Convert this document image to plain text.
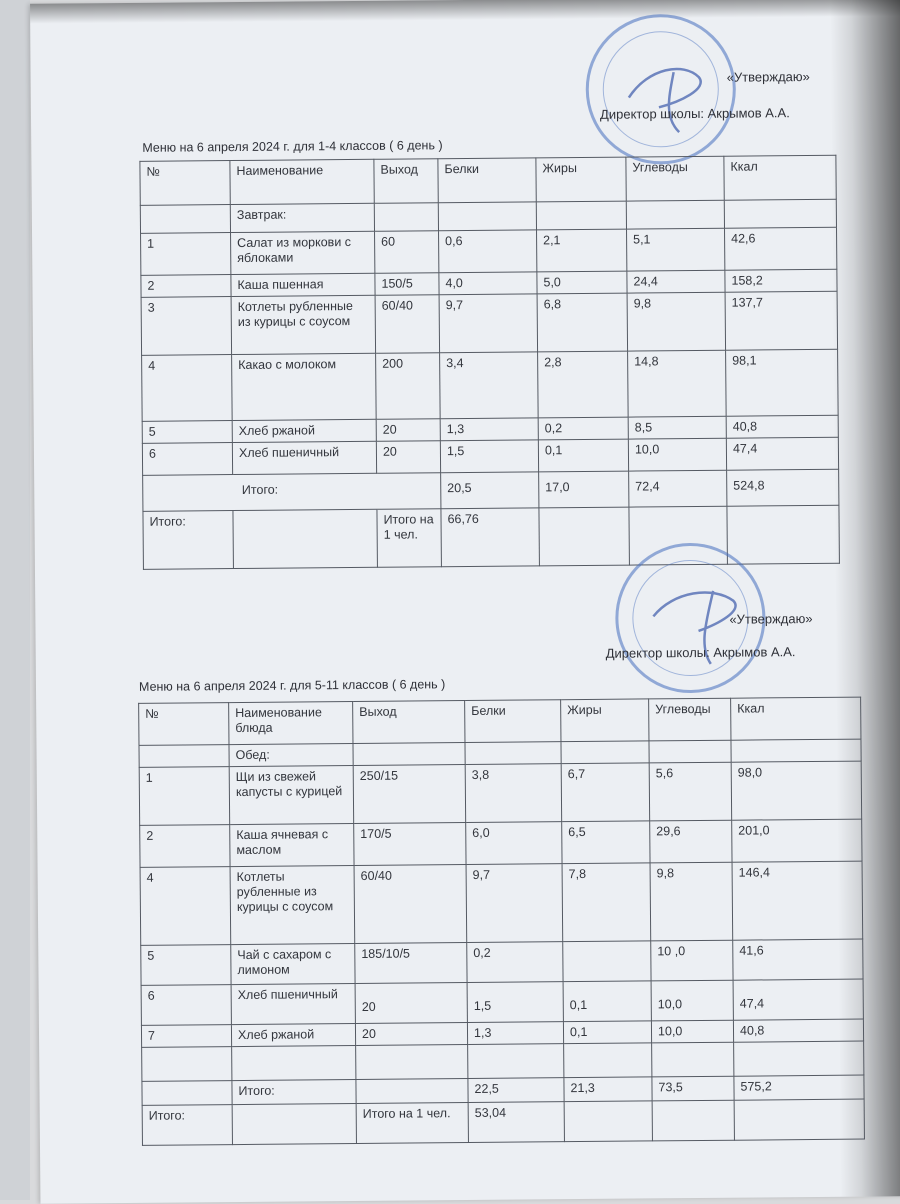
«Утверждаю»
Директор школы: Акрымов А.А.
Меню на 6 апреля 2024 г. для 1-4 классов ( 6 день )
№	Наименование	Выход	Белки	Жиры	Углеводы	Ккал
	Завтрак:					
1	Салат из моркови с яблоками	60	0,6	2,1	5,1	42,6
2	Каша пшенная	150/5	4,0	5,0	24,4	158,2
3	Котлеты рубленные из курицы с соусом	60/40	9,7	6,8	9,8	137,7
4	Какао с молоком	200	3,4	2,8	14,8	98,1
5	Хлеб ржаной	20	1,3	0,2	8,5	40,8
6	Хлеб пшеничный	20	1,5	0,1	10,0	47,4
Итого:			20,5	17,0	72,4	524,8
Итого:		Итого на 1 чел.	66,76			
«Утверждаю»
Директор школы: Акрымов А.А.
Меню на 6 апреля 2024 г. для 5-11 классов ( 6 день )
№	Наименование блюда	Выход	Белки	Жиры	Углеводы	Ккал
	Обед:					
1	Щи из свежей капусты с курицей	250/15	3,8	6,7	5,6	98,0
2	Каша ячневая с маслом	170/5	6,0	6,5	29,6	201,0
4	Котлеты рубленные из курицы с соусом	60/40	9,7	7,8	9,8	146,4
5	Чай с сахаром с лимоном	185/10/5	0,2		10 ,0	41,6
6	Хлеб пшеничный	20	1,5	0,1	10,0	47,4
7	Хлеб ржаной	20	1,3	0,1	10,0	40,8

	Итого:		22,5	21,3	73,5	575,2
Итого:		Итого на 1 чел.	53,04			
